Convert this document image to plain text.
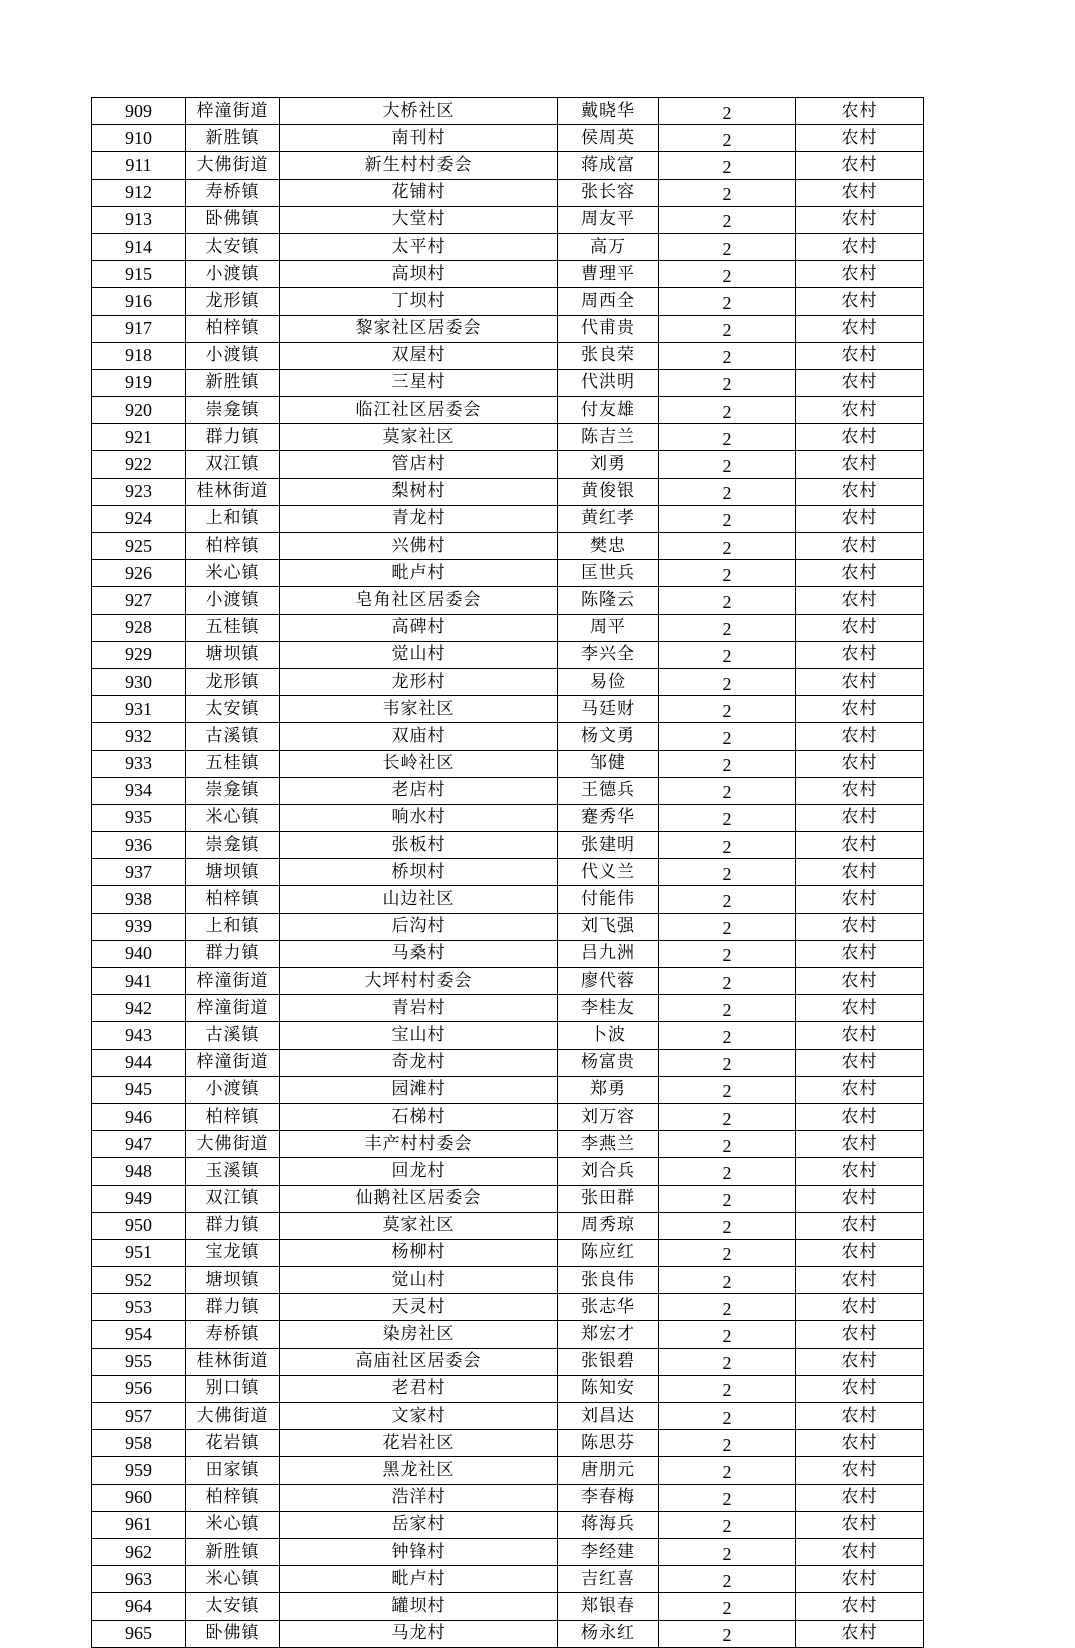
909	梓潼街道	大桥社区	戴晓华	2	农村
910	新胜镇	南刊村	侯周英	2	农村
911	大佛街道	新生村村委会	蒋成富	2	农村
912	寿桥镇	花铺村	张长容	2	农村
913	卧佛镇	大堂村	周友平	2	农村
914	太安镇	太平村	高万	2	农村
915	小渡镇	高坝村	曹理平	2	农村
916	龙形镇	丁坝村	周西全	2	农村
917	柏梓镇	黎家社区居委会	代甫贵	2	农村
918	小渡镇	双屋村	张良荣	2	农村
919	新胜镇	三星村	代洪明	2	农村
920	崇龛镇	临江社区居委会	付友雄	2	农村
921	群力镇	莫家社区	陈吉兰	2	农村
922	双江镇	管店村	刘勇	2	农村
923	桂林街道	梨树村	黄俊银	2	农村
924	上和镇	青龙村	黄红孝	2	农村
925	柏梓镇	兴佛村	樊忠	2	农村
926	米心镇	毗卢村	匡世兵	2	农村
927	小渡镇	皂角社区居委会	陈隆云	2	农村
928	五桂镇	高碑村	周平	2	农村
929	塘坝镇	觉山村	李兴全	2	农村
930	龙形镇	龙形村	易俭	2	农村
931	太安镇	韦家社区	马廷财	2	农村
932	古溪镇	双庙村	杨文勇	2	农村
933	五桂镇	长岭社区	邹健	2	农村
934	崇龛镇	老店村	王德兵	2	农村
935	米心镇	响水村	蹇秀华	2	农村
936	崇龛镇	张板村	张建明	2	农村
937	塘坝镇	桥坝村	代义兰	2	农村
938	柏梓镇	山边社区	付能伟	2	农村
939	上和镇	后沟村	刘飞强	2	农村
940	群力镇	马桑村	吕九洲	2	农村
941	梓潼街道	大坪村村委会	廖代蓉	2	农村
942	梓潼街道	青岩村	李桂友	2	农村
943	古溪镇	宝山村	卜波	2	农村
944	梓潼街道	奇龙村	杨富贵	2	农村
945	小渡镇	园滩村	郑勇	2	农村
946	柏梓镇	石梯村	刘万容	2	农村
947	大佛街道	丰产村村委会	李燕兰	2	农村
948	玉溪镇	回龙村	刘合兵	2	农村
949	双江镇	仙鹅社区居委会	张田群	2	农村
950	群力镇	莫家社区	周秀琼	2	农村
951	宝龙镇	杨柳村	陈应红	2	农村
952	塘坝镇	觉山村	张良伟	2	农村
953	群力镇	天灵村	张志华	2	农村
954	寿桥镇	染房社区	郑宏才	2	农村
955	桂林街道	高庙社区居委会	张银碧	2	农村
956	别口镇	老君村	陈知安	2	农村
957	大佛街道	文家村	刘昌达	2	农村
958	花岩镇	花岩社区	陈思芬	2	农村
959	田家镇	黑龙社区	唐朋元	2	农村
960	柏梓镇	浩洋村	李春梅	2	农村
961	米心镇	岳家村	蒋海兵	2	农村
962	新胜镇	钟锋村	李经建	2	农村
963	米心镇	毗卢村	吉红喜	2	农村
964	太安镇	罐坝村	郑银春	2	农村
965	卧佛镇	马龙村	杨永红	2	农村
